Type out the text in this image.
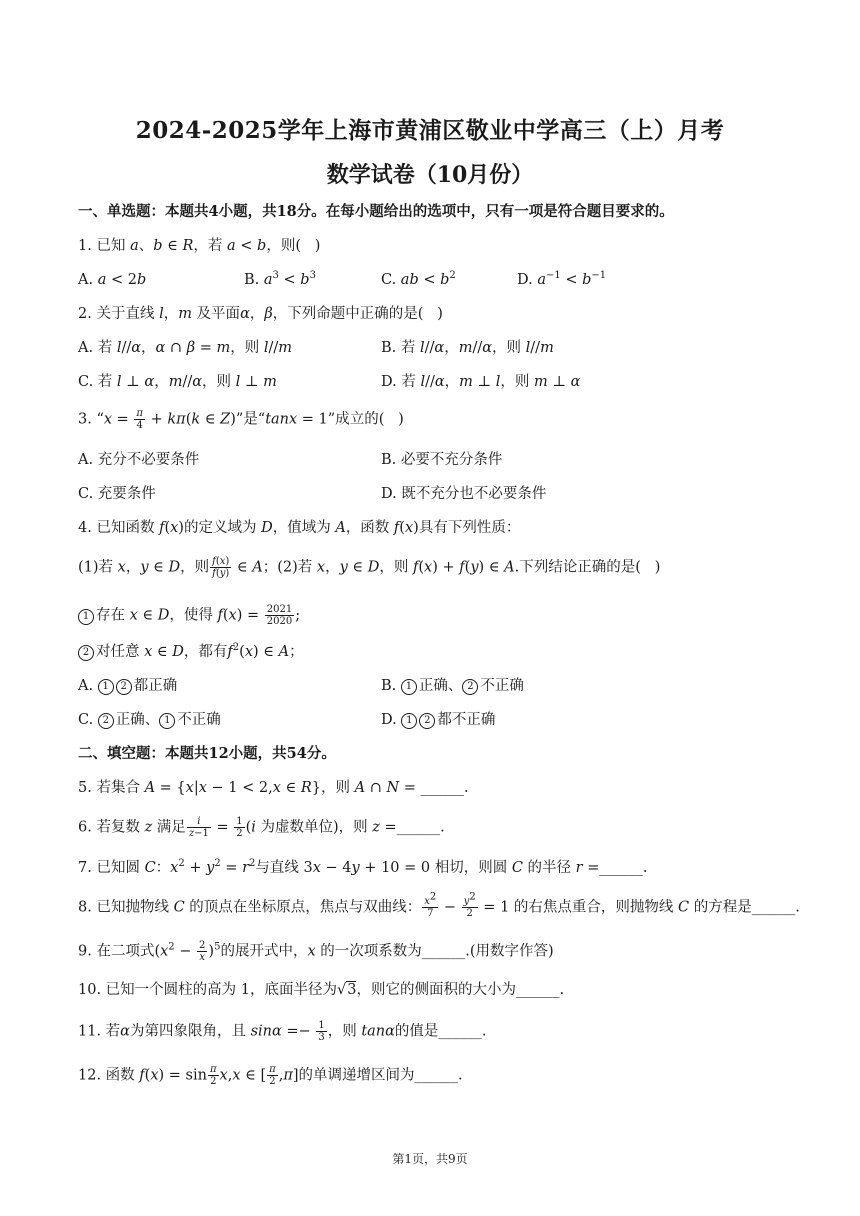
2024-2025学年上海市黄浦区敬业中学高三（上）月考
数学试卷（10月份）
一、单选题：本题共4小题，共18分。在每小题给出的选项中，只有一项是符合题目要求的。
1. 已知 a、b ∈ R，若 a < b，则(   )
A. a < 2b	B. $a^3 < b^3$	C. ab < $b^2$	D. $a^{-1} < b^{-1}$
2. 关于直线 l，m 及平面α，β，下列命题中正确的是(   )
A. 若 l//α，α ∩ β = m，则 l//m	B. 若 l//α，m//α，则 l//m
C. 若 l ⊥ α，m//α，则 l ⊥ m	D. 若 l//α，m ⊥ l，则 m ⊥ α
3. “$x = \frac{\pi}{4} + k\pi(k$ ∈ Z)”是“tanx = 1”成立的(   )
A. 充分不必要条件	B. 必要不充分条件
C. 充要条件	D. 既不充分也不必要条件
4. 已知函数 f(x)的定义域为 D，值域为 A，函数 f(x)具有下列性质：
(1)若 x，y ∈ D，则 $\frac{f(x)}{f(y)}$ ∈ A；(2)若 x，y ∈ D，则 f(x) + f(y) ∈ A.下列结论正确的是(   )
1 存在 x ∈ D，使得 $f(x) = \frac{2021}{2020}$ ;
2 对任意 x ∈ D，都有$f^2(x)$ ∈ A；
A. 1 2 都正确	B. 1 正确、 2 不正确
C. 2 正确、 1 不正确	D. 1 2 都不正确
二、填空题：本题共12小题，共54分。
5. 若集合 A = {x|x − 1 < 2,x ∈ R}，则 A ∩ N = ______.
6. 若复数 z 满足 $\frac{i}{z-1} = \frac{1}{2} (i$ 为虚数单位)，则 z =______.
7. 已知圆 C：$x^2 + y^2 = r^2$与直线 3x − 4y + 10 = 0 相切，则圆 C 的半径 r =______.
8. 已知抛物线 C 的顶点在坐标原点，焦点与双曲线： $\frac{x^2}{7} - \frac{y^2}{2} = 1$ 的右焦点重合，则抛物线 C 的方程是______.
9. 在二项式$(x^2 - \frac{2}{x} )^5$的展开式中，x 的一次项系数为______.(用数字作答)
10. 已知一个圆柱的高为 1，底面半径为√3，则它的侧面积的大小为______.
11. 若α为第四象限角，且 $\sin\alpha =- \frac{1}{3}$ ，则 tanα的值是______.
12. 函数 $f(x) = \sin \frac{\pi}{2} x,x$ ∈ [ $\frac{\pi}{2} ,\pi$]的单调递增区间为______.
第1页，共9页
